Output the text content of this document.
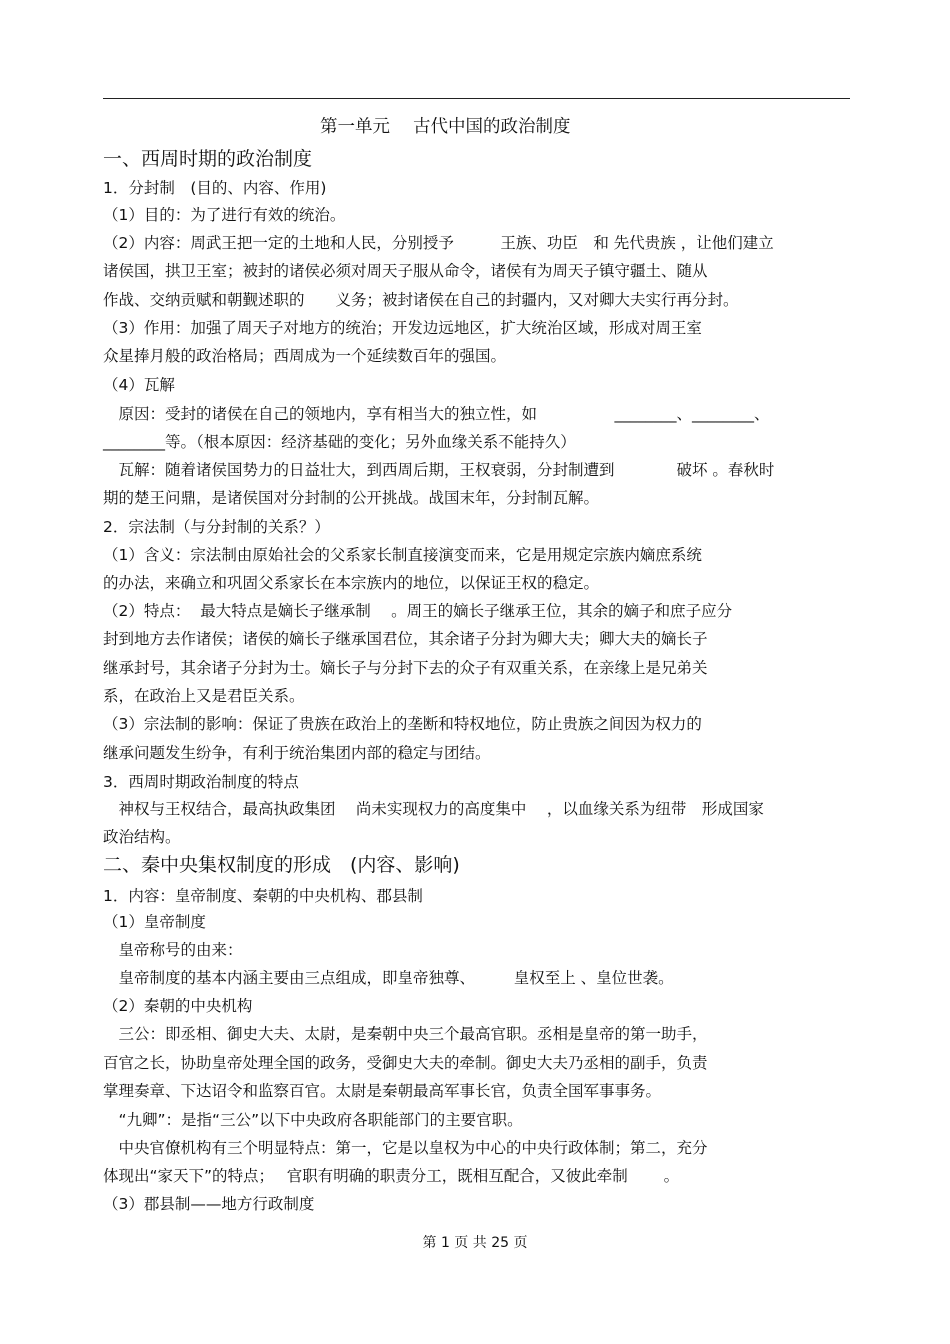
第一单元　 古代中国的政治制度
一、西周时期的政治制度
1．分封制　(目的、内容、作用)
（1）目的：为了进行有效的统治。
（2）内容：周武王把一定的土地和人民，分别授予　　　王族、功臣　和 先代贵族 ，让他们建立
诸侯国，拱卫王室；被封的诸侯必须对周天子服从命令，诸侯有为周天子镇守疆土、随从
作战、交纳贡赋和朝觐述职的　　义务；被封诸侯在自己的封疆内，又对卿大夫实行再分封。
（3）作用：加强了周天子对地方的统治；开发边远地区，扩大统治区域，形成对周王室
众星捧月般的政治格局；西周成为一个延续数百年的强国。
（4）瓦解
　原因：受封的诸侯在自己的领地内，享有相当大的独立性，如　　　　　________、________、
________等。（根本原因：经济基础的变化；另外血缘关系不能持久）
　瓦解：随着诸侯国势力的日益壮大，到西周后期，王权衰弱，分封制遭到　　　　破坏 。春秋时
期的楚王问鼎，是诸侯国对分封制的公开挑战。战国末年，分封制瓦解。
2．宗法制（与分封制的关系？）
（1）含义：宗法制由原始社会的父系家长制直接演变而来，它是用规定宗族内嫡庶系统
的办法，来确立和巩固父系家长在本宗族内的地位，以保证王权的稳定。
（2）特点：  最大特点是嫡长子继承制　 。周王的嫡长子继承王位，其余的嫡子和庶子应分
封到地方去作诸侯；诸侯的嫡长子继承国君位，其余诸子分封为卿大夫；卿大夫的嫡长子
继承封号，其余诸子分封为士。嫡长子与分封下去的众子有双重关系，在亲缘上是兄弟关
系，在政治上又是君臣关系。
（3）宗法制的影响：保证了贵族在政治上的垄断和特权地位，防止贵族之间因为权力的
继承问题发生纷争，有利于统治集团内部的稳定与团结。
3．西周时期政治制度的特点
　神权与王权结合，最高执政集团　 尚未实现权力的高度集中　 ，以血缘关系为纽带　形成国家
政治结构。
二、秦中央集权制度的形成　(内容、影响)
1．内容：皇帝制度、秦朝的中央机构、郡县制
（1）皇帝制度
　皇帝称号的由来：
　皇帝制度的基本内涵主要由三点组成，即皇帝独尊、　　　皇权至上 、皇位世袭。
（2）秦朝的中央机构
　三公：即丞相、御史大夫、太尉，是秦朝中央三个最高官职。丞相是皇帝的第一助手，
百官之长，协助皇帝处理全国的政务，受御史大夫的牵制。御史大夫乃丞相的副手，负责
掌理奏章、下达诏令和监察百官。太尉是秦朝最高军事长官，负责全国军事事务。
　“九卿”：是指“三公”以下中央政府各职能部门的主要官职。
　中央官僚机构有三个明显特点：第一，它是以皇权为中心的中央行政体制；第二，充分
体现出“家天下”的特点；　 官职有明确的职责分工，既相互配合，又彼此牵制　　 。
（3）郡县制——地方行政制度
第 1 页 共 25 页
